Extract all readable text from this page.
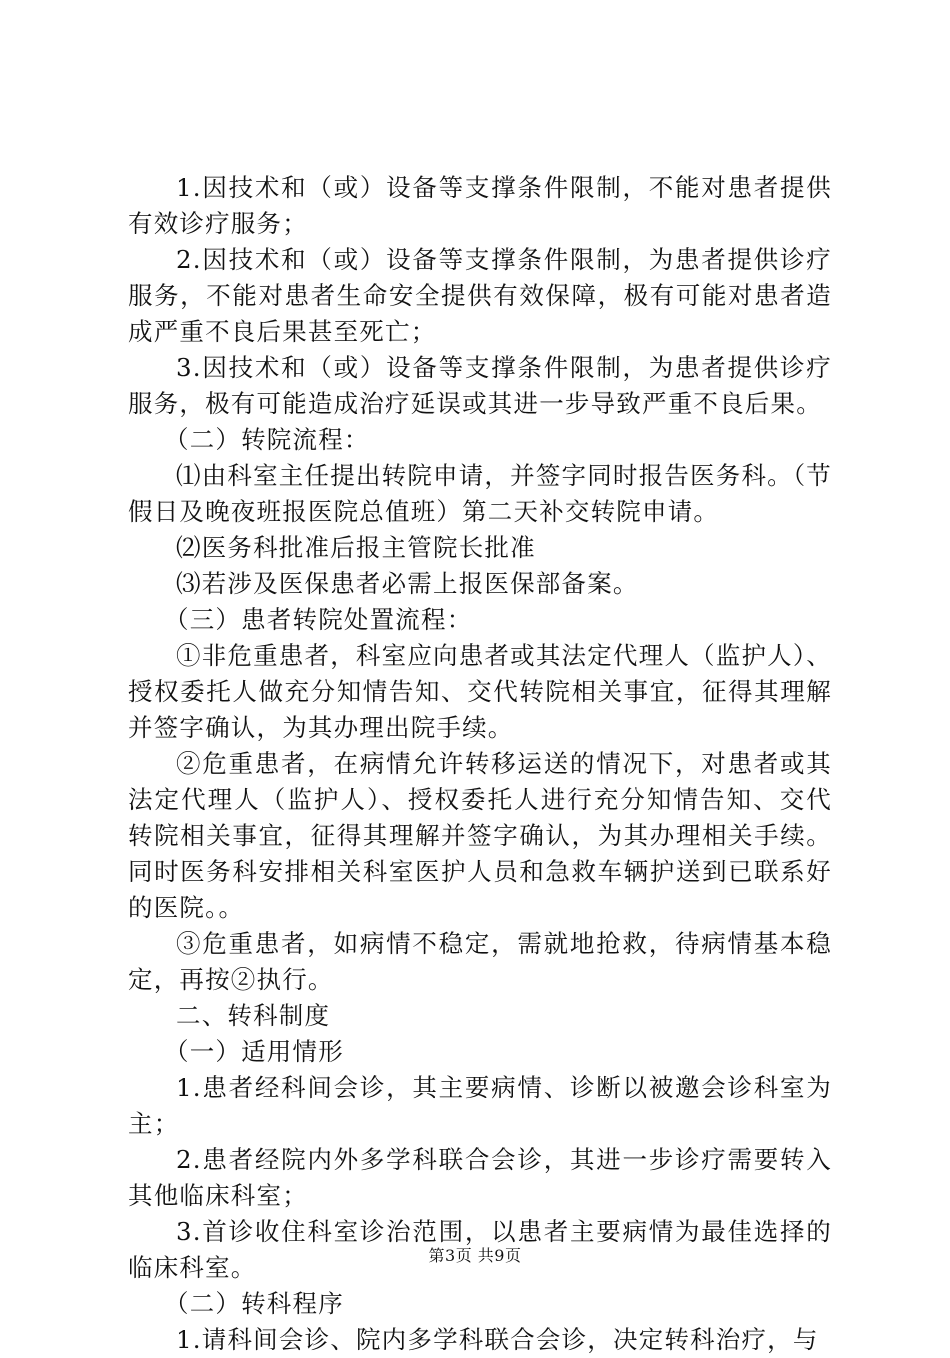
1.因技术和（或）设备等支撑条件限制，不能对患者提供有效诊疗服务；

2.因技术和（或）设备等支撑条件限制，为患者提供诊疗服务，不能对患者生命安全提供有效保障，极有可能对患者造成严重不良后果甚至死亡；

3.因技术和（或）设备等支撑条件限制，为患者提供诊疗服务，极有可能造成治疗延误或其进一步导致严重不良后果。

（二）转院流程：

⑴由科室主任提出转院申请，并签字同时报告医务科。（节假日及晚夜班报医院总值班）第二天补交转院申请。

⑵医务科批准后报主管院长批准

⑶若涉及医保患者必需上报医保部备案。

（三）患者转院处置流程：

①非危重患者，科室应向患者或其法定代理人（监护人）、授权委托人做充分知情告知、交代转院相关事宜，征得其理解并签字确认，为其办理出院手续。

②危重患者，在病情允许转移运送的情况下，对患者或其法定代理人（监护人）、授权委托人进行充分知情告知、交代转院相关事宜，征得其理解并签字确认，为其办理相关手续。同时医务科安排相关科室医护人员和急救车辆护送到已联系好的医院。。

③危重患者，如病情不稳定，需就地抢救，待病情基本稳定，再按②执行。

二、转科制度

（一）适用情形

1.患者经科间会诊，其主要病情、诊断以被邀会诊科室为主；

2.患者经院内外多学科联合会诊，其进一步诊疗需要转入其他临床科室；

3.首诊收住科室诊治范围，以患者主要病情为最佳选择的临床科室。

（二）转科程序

1.请科间会诊、院内多学科联合会诊，决定转科治疗，与

第3页 共9页
